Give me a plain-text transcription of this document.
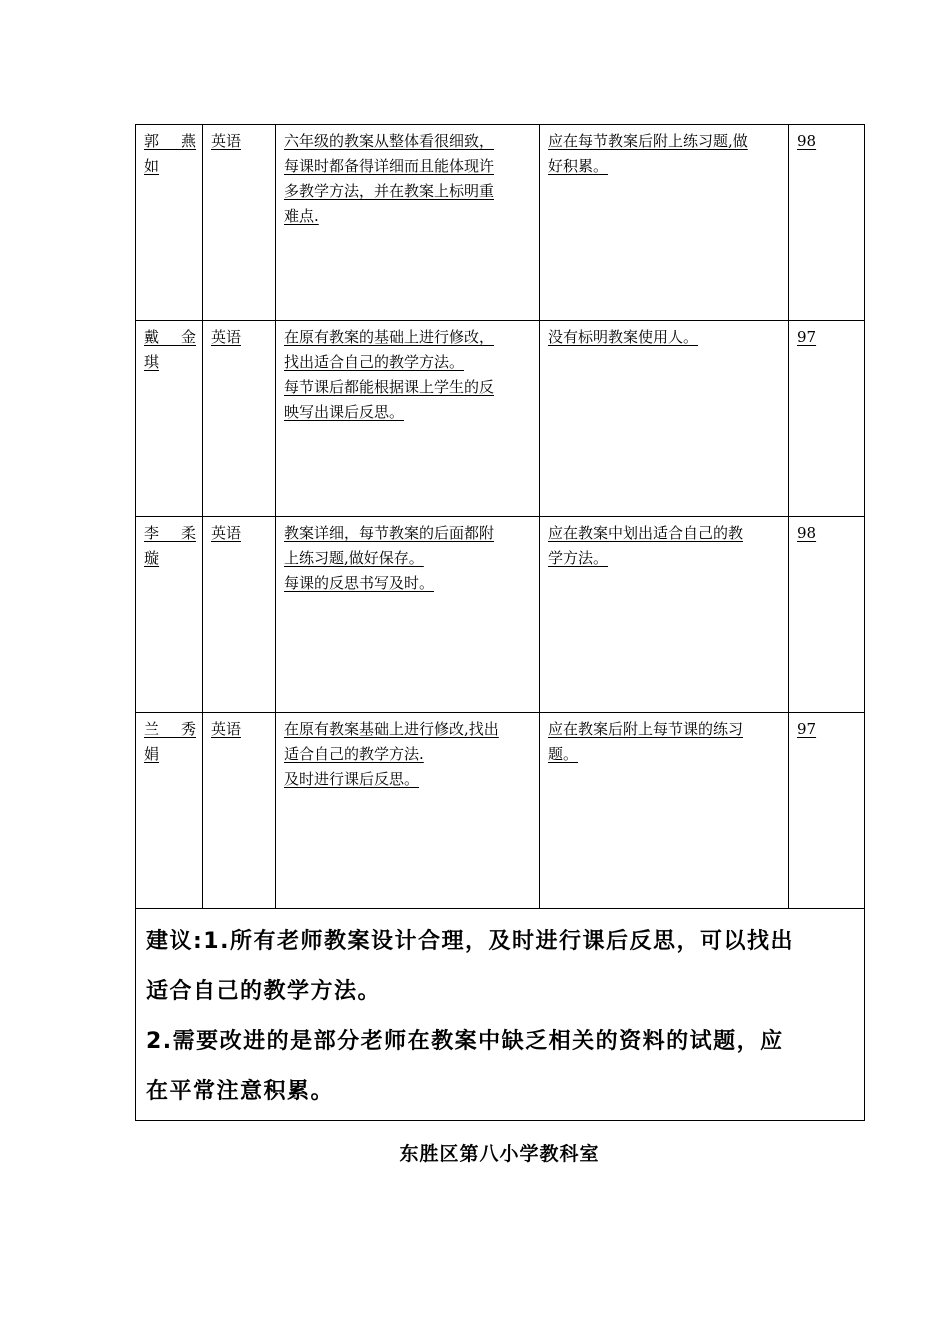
郭 燕
如	英语	六年级的教案从整体看很细致，
每课时都备得详细而且能体现许
多教学方法，并在教案上标明重
难点.	应在每节教案后附上练习题,做
好积累。	98

戴 金
琪	英语	在原有教案的基础上进行修改，
找出适合自己的教学方法。
每节课后都能根据课上学生的反
映写出课后反思。	没有标明教案使用人。	97

李 柔
璇	英语	教案详细，每节教案的后面都附
上练习题,做好保存。
每课的反思书写及时。	应在教案中划出适合自己的教
学方法。	98

兰 秀
娟	英语	在原有教案基础上进行修改,找出
适合自己的教学方法.
及时进行课后反思。	应在教案后附上每节课的练习
题。	97

建议:1.所有老师教案设计合理，及时进行课后反思，可以找出
适合自己的教学方法。
2.需要改进的是部分老师在教案中缺乏相关的资料的试题，应
在平常注意积累。				
东胜区第八小学教科室
